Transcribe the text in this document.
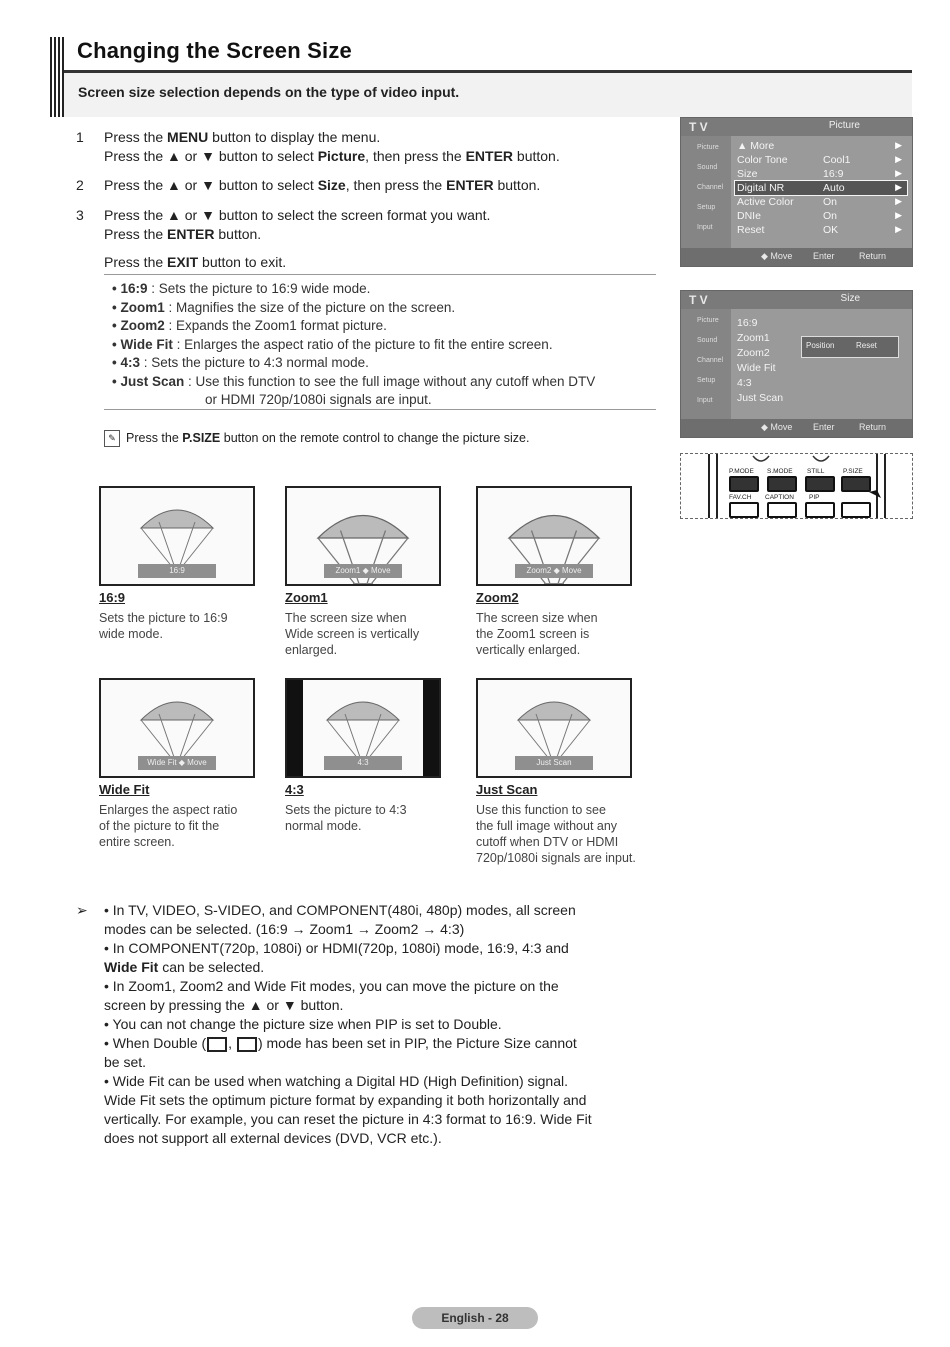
Changing the Screen Size
Screen size selection depends on the type of video input.
1	Press the MENU button to display the menu.
Press the ▲ or ▼ button to select Picture, then press the ENTER button.
2	Press the ▲ or ▼ button to select Size, then press the ENTER button.
3	Press the ▲ or ▼ button to select the screen format you want.
Press the ENTER button.
Press the EXIT button to exit.
• 16:9 : Sets the picture to 16:9 wide mode.
• Zoom1 : Magnifies the size of the picture on the screen.
• Zoom2 : Expands the Zoom1 format picture.
• Wide Fit : Enlarges the aspect ratio of the picture to fit the entire screen.
• 4:3 : Sets the picture to 4:3 normal mode.
• Just Scan : Use this function to see the full image without any cutoff when DTV
or HDMI 720p/1080i signals are input.
✎ Press the P.SIZE button on the remote control to change the picture size.
16:9
16:9
Sets the picture to 16:9
wide mode.
Zoom1 ◆ Move
Zoom1
The screen size when
Wide screen is vertically
enlarged.
Zoom2 ◆ Move
Zoom2
The screen size when
the Zoom1 screen is
vertically enlarged.
Wide Fit ◆ Move
Wide Fit
Enlarges the aspect ratio
of the picture to fit the
entire screen.
4:3
4:3
Sets the picture to 4:3
normal mode.
Just Scan
Just Scan
Use this function to see
the full image without any
cutoff when DTV or HDMI
720p/1080i signals are input.
T V	Picture
Picture
Sound
Channel
Setup
Input
◆ Move Enter	Return
▲ More	▶
Color Tone	Cool1	▶
Size	16:9	▶
Digital NR	Auto	▶
Active Color	On	▶
DNIe	On	▶
Reset	OK	▶
T V	Size
Picture
Sound
Channel
Setup
Input
Position	Reset
◆ Move Enter	Return
16:9
Zoom1
Zoom2
Wide Fit
4:3
Just Scan
P.MODE S.MODE STILL	P.SIZE
FAV.CH CAPTION PIP
➢ • In TV, VIDEO, S-VIDEO, and COMPONENT(480i, 480p) modes, all screen
modes can be selected. (16:9 → Zoom1 → Zoom2 → 4:3)
• In COMPONENT(720p, 1080i) or HDMI(720p, 1080i) mode, 16:9, 4:3 and
Wide Fit can be selected.
• In Zoom1, Zoom2 and Wide Fit modes, you can move the picture on the
screen by pressing the ▲ or ▼ button.
• You can not change the picture size when PIP is set to Double.
• When Double ( , ) mode has been set in PIP, the Picture Size cannot
be set.
• Wide Fit can be used when watching a Digital HD (High Definition) signal.
Wide Fit sets the optimum picture format by expanding it both horizontally and
vertically. For example, you can reset the picture in 4:3 format to 16:9. Wide Fit
does not support all external devices (DVD, VCR etc.).
English - 28
